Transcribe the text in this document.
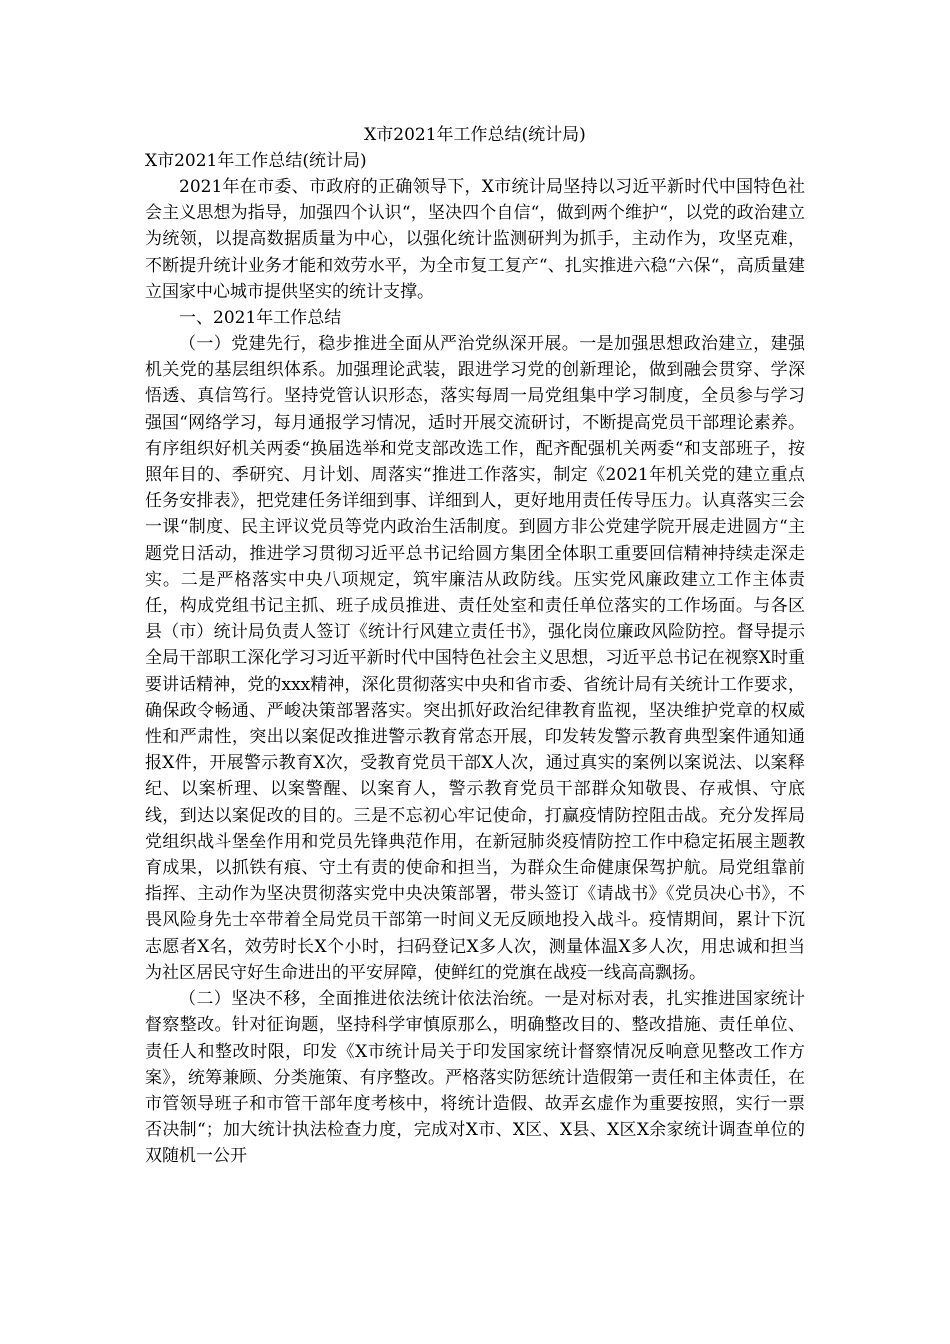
X市2021年工作总结(统计局)

X市2021年工作总结(统计局)

2021年在市委、市政府的正确领导下，X市统计局坚持以习近平新时代中国特色社会主义思想为指导，加强四个认识“，坚决四个自信“，做到两个维护“，以党的政治建立为统领，以提高数据质量为中心，以强化统计监测研判为抓手，主动作为，攻坚克难，不断提升统计业务才能和效劳水平，为全市复工复产“、扎实推进六稳“六保“，高质量建立国家中心城市提供坚实的统计支撑。

一、2021年工作总结

（一）党建先行，稳步推进全面从严治党纵深开展。一是加强思想政治建立，建强机关党的基层组织体系。加强理论武装，跟进学习党的创新理论，做到融会贯穿、学深悟透、真信笃行。坚持党管认识形态，落实每周一局党组集中学习制度，全员参与学习强国“网络学习，每月通报学习情况，适时开展交流研讨，不断提高党员干部理论素养。有序组织好机关两委“换届选举和党支部改选工作，配齐配强机关两委“和支部班子，按照年目的、季研究、月计划、周落实“推进工作落实，制定《2021年机关党的建立重点任务安排表》，把党建任务详细到事、详细到人，更好地用责任传导压力。认真落实三会一课“制度、民主评议党员等党内政治生活制度。到圆方非公党建学院开展走进圆方“主题党日活动，推进学习贯彻习近平总书记给圆方集团全体职工重要回信精神持续走深走实。二是严格落实中央八项规定，筑牢廉洁从政防线。压实党风廉政建立工作主体责任，构成党组书记主抓、班子成员推进、责任处室和责任单位落实的工作场面。与各区县（市）统计局负责人签订《统计行风建立责任书》，强化岗位廉政风险防控。督导提示全局干部职工深化学习习近平新时代中国特色社会主义思想，习近平总书记在视察X时重要讲话精神，党的xxx精神，深化贯彻落实中央和省市委、省统计局有关统计工作要求，确保政令畅通、严峻决策部署落实。突出抓好政治纪律教育监视，坚决维护党章的权威性和严肃性，突出以案促改推进警示教育常态开展，印发转发警示教育典型案件通知通报X件，开展警示教育X次，受教育党员干部X人次，通过真实的案例以案说法、以案释纪、以案析理、以案警醒、以案育人，警示教育党员干部群众知敬畏、存戒惧、守底线，到达以案促改的目的。三是不忘初心牢记使命，打赢疫情防控阻击战。充分发挥局党组织战斗堡垒作用和党员先锋典范作用，在新冠肺炎疫情防控工作中稳定拓展主题教育成果，以抓铁有痕、守土有责的使命和担当，为群众生命健康保驾护航。局党组靠前指挥、主动作为坚决贯彻落实党中央决策部署，带头签订《请战书》《党员决心书》，不畏风险身先士卒带着全局党员干部第一时间义无反顾地投入战斗。疫情期间，累计下沉志愿者X名，效劳时长X个小时，扫码登记X多人次，测量体温X多人次，用忠诚和担当为社区居民守好生命进出的平安屏障，使鲜红的党旗在战疫一线高高飘扬。

（二）坚决不移，全面推进依法统计依法治统。一是对标对表，扎实推进国家统计督察整改。针对征询题，坚持科学审慎原那么，明确整改目的、整改措施、责任单位、责任人和整改时限，印发《X市统计局关于印发国家统计督察情况反响意见整改工作方案》，统筹兼顾、分类施策、有序整改。严格落实防惩统计造假第一责任和主体责任，在市管领导班子和市管干部年度考核中，将统计造假、故弄玄虚作为重要按照，实行一票否决制“；加大统计执法检查力度，完成对X市、X区、X县、X区X余家统计调查单位的双随机一公开
